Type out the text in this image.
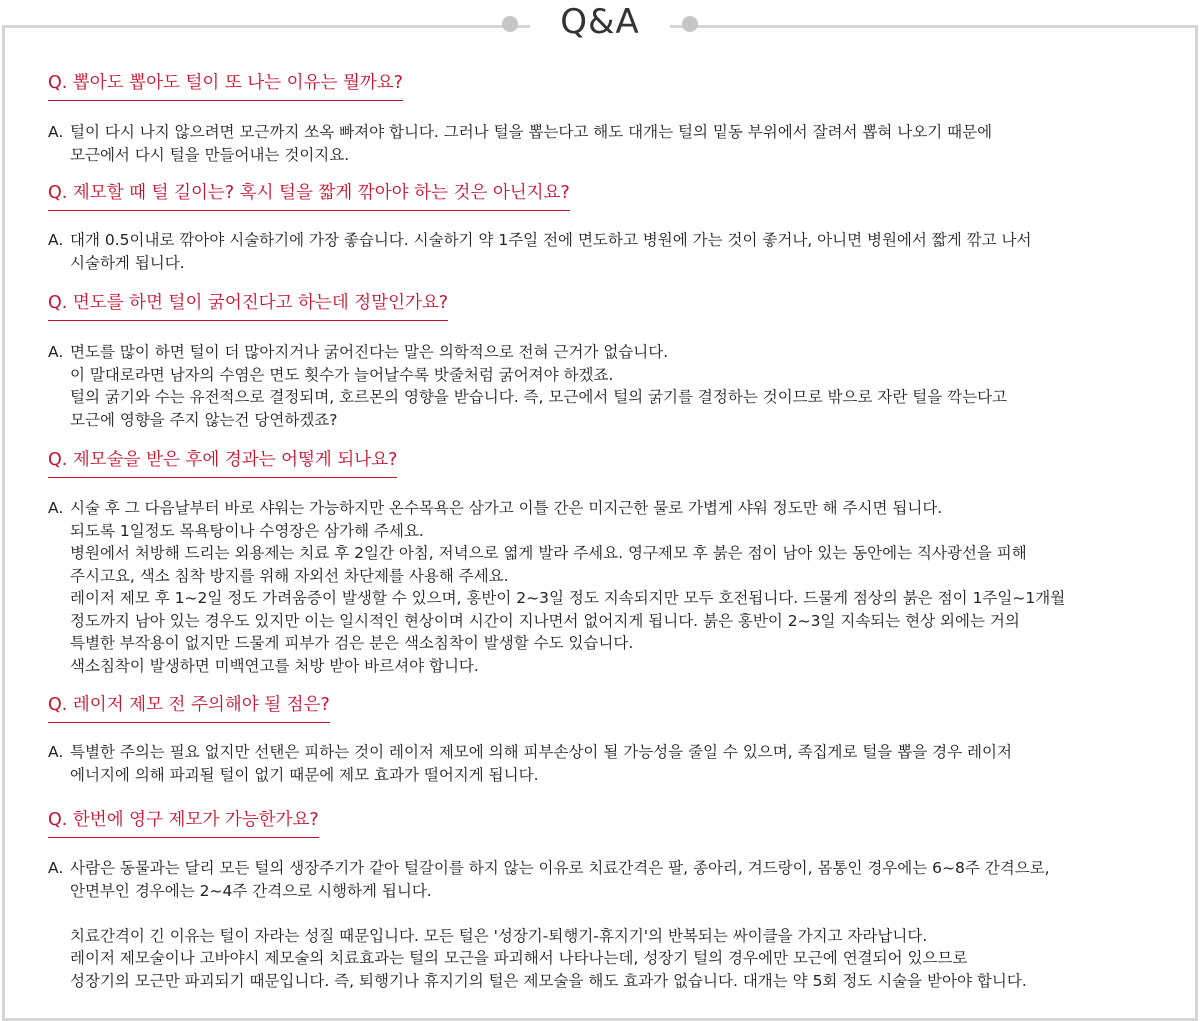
Q&A
Q. 뽑아도 뽑아도 털이 또 나는 이유는 뭘까요?
A. 털이 다시 나지 않으려면 모근까지 쏘옥 빠져야 합니다. 그러나 털을 뽑는다고 해도 대개는 털의 밑동 부위에서 잘려서 뽑혀 나오기 때문에
모근에서 다시 털을 만들어내는 것이지요.
Q. 제모할 때 털 길이는? 혹시 털을 짧게 깎아야 하는 것은 아닌지요?
A. 대개 0.5이내로 깎아야 시술하기에 가장 좋습니다. 시술하기 약 1주일 전에 면도하고 병원에 가는 것이 좋거나, 아니면 병원에서 짧게 깎고 나서
시술하게 됩니다.
Q. 면도를 하면 털이 굵어진다고 하는데 정말인가요?
A. 면도를 많이 하면 털이 더 많아지거나 굵어진다는 말은 의학적으로 전혀 근거가 없습니다.
이 말대로라면 남자의 수염은 면도 횟수가 늘어날수록 밧줄처럼 굵어져야 하겠죠.
털의 굵기와 수는 유전적으로 결정되며, 호르몬의 영향을 받습니다. 즉, 모근에서 털의 굵기를 결정하는 것이므로 밖으로 자란 털을 깍는다고
모근에 영향을 주지 않는건 당연하겠죠?
Q. 제모술을 받은 후에 경과는 어떻게 되나요?
A. 시술 후 그 다음날부터 바로 샤워는 가능하지만 온수목욕은 삼가고 이틀 간은 미지근한 물로 가볍게 샤워 정도만 해 주시면 됩니다.
되도록 1일정도 목욕탕이나 수영장은 삼가해 주세요.
병원에서 처방해 드리는 외용제는 치료 후 2일간 아침, 저녁으로 엷게 발라 주세요. 영구제모 후 붉은 점이 남아 있는 동안에는 직사광선을 피해
주시고요, 색소 침착 방지를 위해 자외선 차단제를 사용해 주세요.
레이저 제모 후 1~2일 정도 가려움증이 발생할 수 있으며, 홍반이 2~3일 정도 지속되지만 모두 호전됩니다. 드물게 점상의 붉은 점이 1주일~1개월
정도까지 남아 있는 경우도 있지만 이는 일시적인 현상이며 시간이 지나면서 없어지게 됩니다. 붉은 홍반이 2~3일 지속되는 현상 외에는 거의
특별한 부작용이 없지만 드물게 피부가 검은 분은 색소침착이 발생할 수도 있습니다.
색소침착이 발생하면 미백연고를 처방 받아 바르셔야 합니다.
Q. 레이저 제모 전 주의해야 될 점은?
A. 특별한 주의는 필요 없지만 선탠은 피하는 것이 레이저 제모에 의해 피부손상이 될 가능성을 줄일 수 있으며, 족집게로 털을 뽑을 경우 레이저
에너지에 의해 파괴될 털이 없기 때문에 제모 효과가 떨어지게 됩니다.
Q. 한번에 영구 제모가 가능한가요?
A. 사람은 동물과는 달리 모든 털의 생장주기가 같아 털갈이를 하지 않는 이유로 치료간격은 팔, 종아리, 겨드랑이, 몸통인 경우에는 6~8주 간격으로,
안면부인 경우에는 2~4주 간격으로 시행하게 됩니다.
치료간격이 긴 이유는 털이 자라는 성질 때문입니다. 모든 털은 '성장기-퇴행기-휴지기'의 반복되는 싸이클을 가지고 자라납니다.
레이저 제모술이나 고바야시 제모술의 치료효과는 털의 모근을 파괴해서 나타나는데, 성장기 털의 경우에만 모근에 연결되어 있으므로
성장기의 모근만 파괴되기 때문입니다. 즉, 퇴행기나 휴지기의 털은 제모술을 해도 효과가 없습니다. 대개는 약 5회 정도 시술을 받아야 합니다.
